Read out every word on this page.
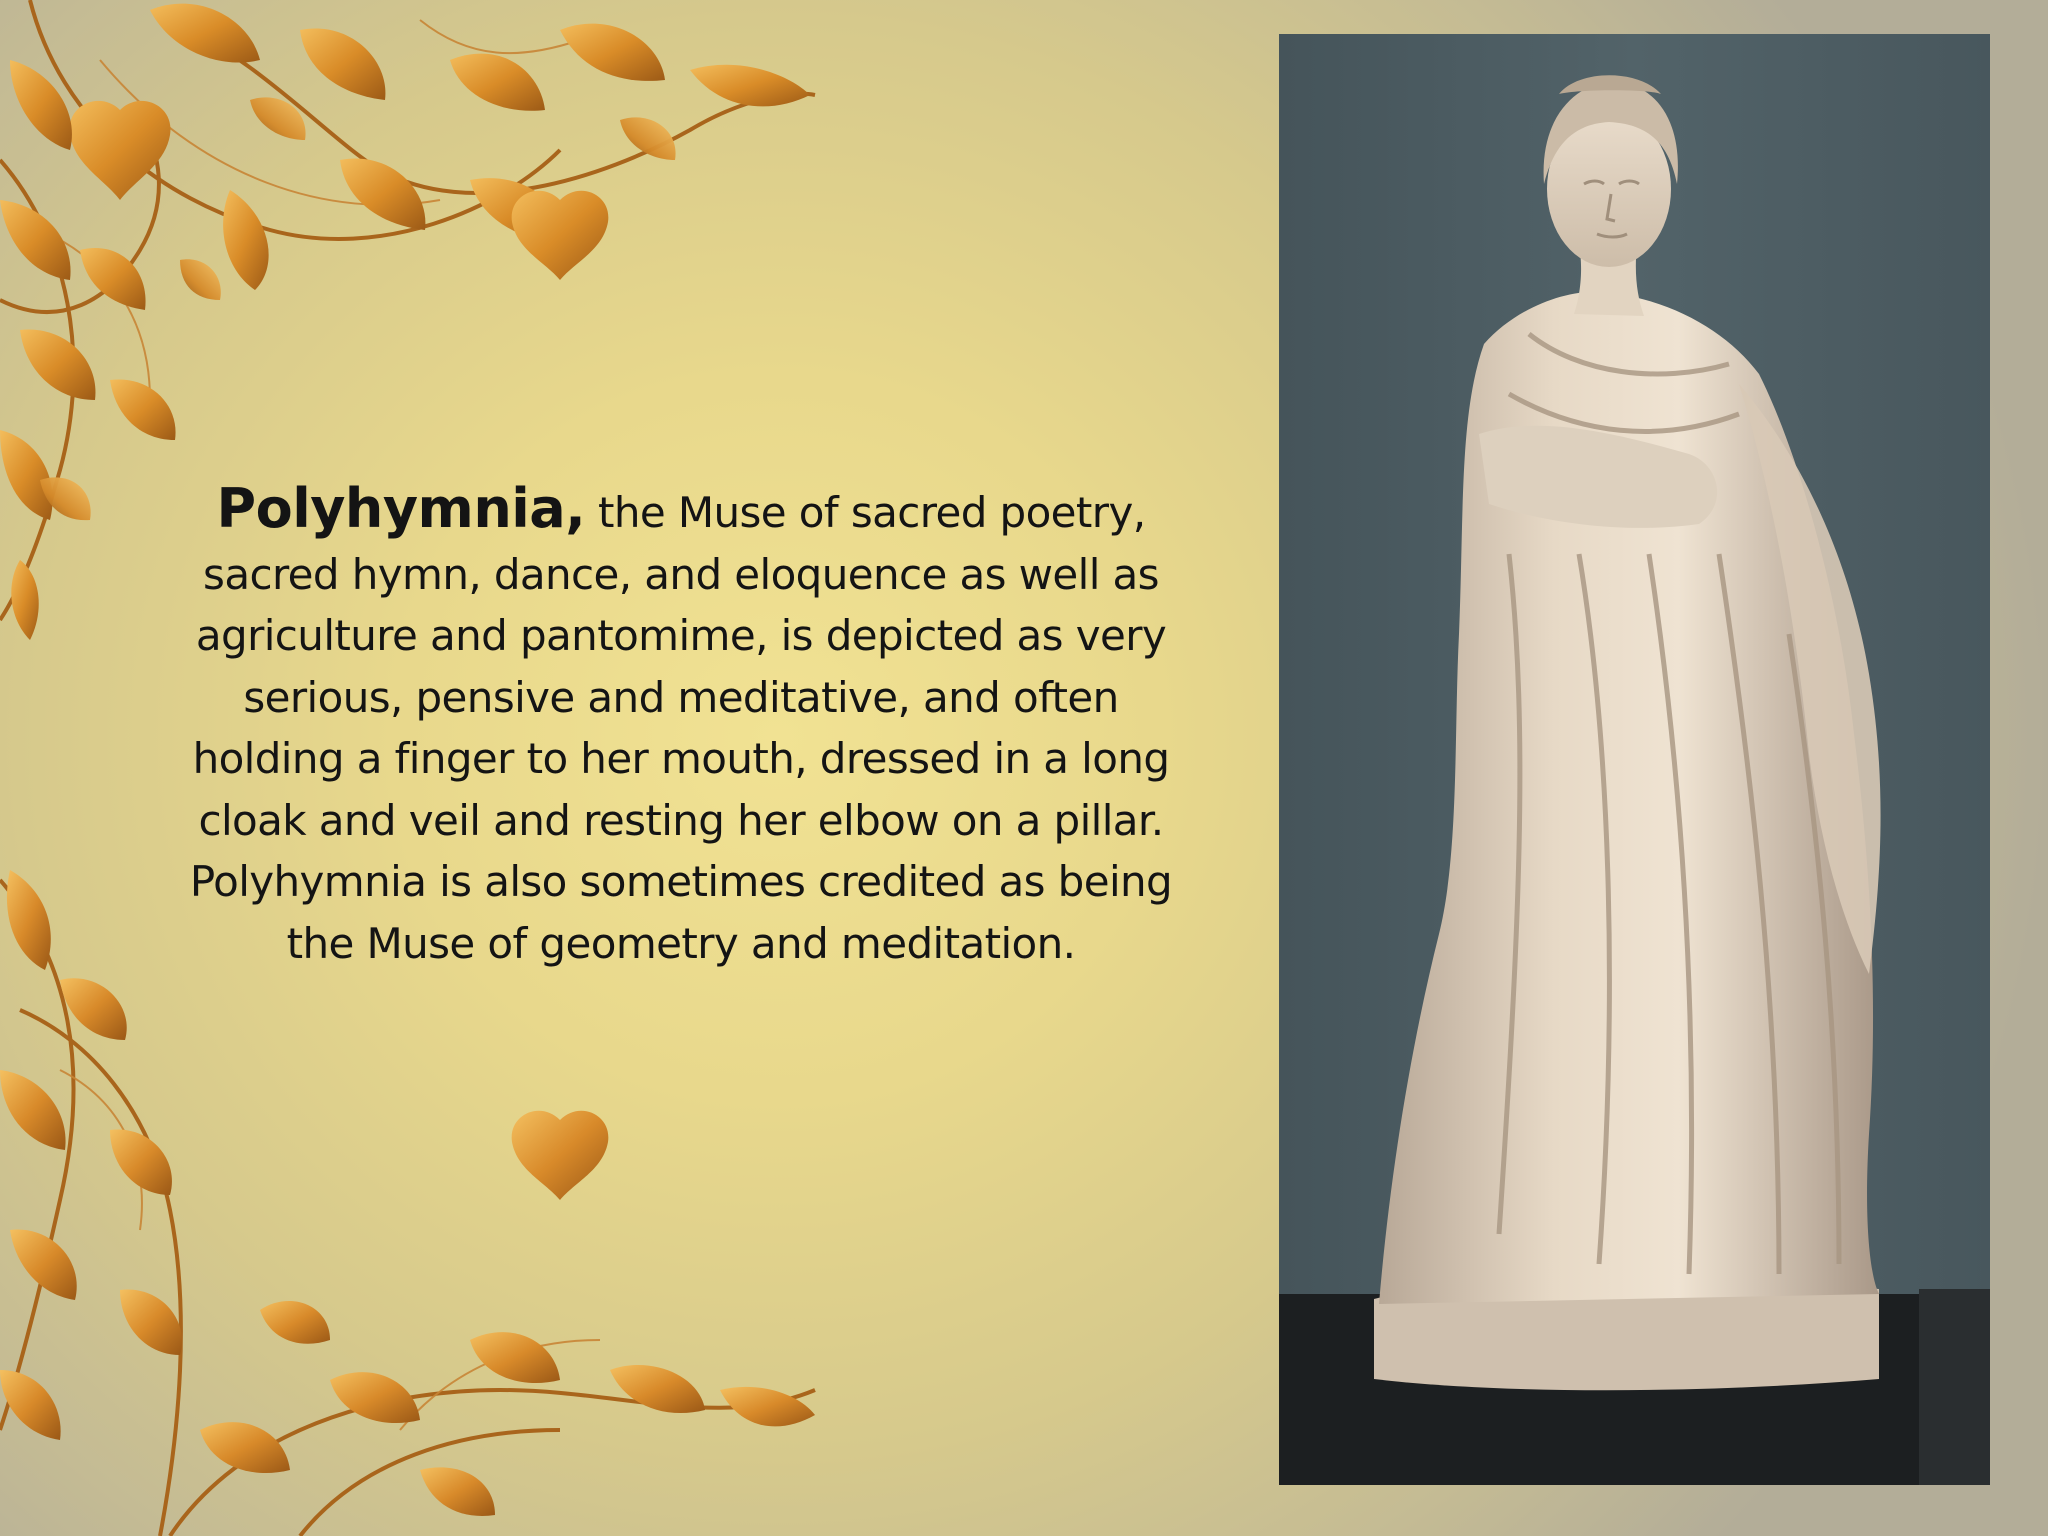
Polyhymnia, the Muse of sacred poetry, sacred hymn, dance, and eloquence as well as agriculture and pantomime, is depicted as very serious, pensive and meditative, and often holding a finger to her mouth, dressed in a long cloak and veil and resting her elbow on a pillar.

Polyhymnia is also sometimes credited as being the Muse of geometry and meditation.
